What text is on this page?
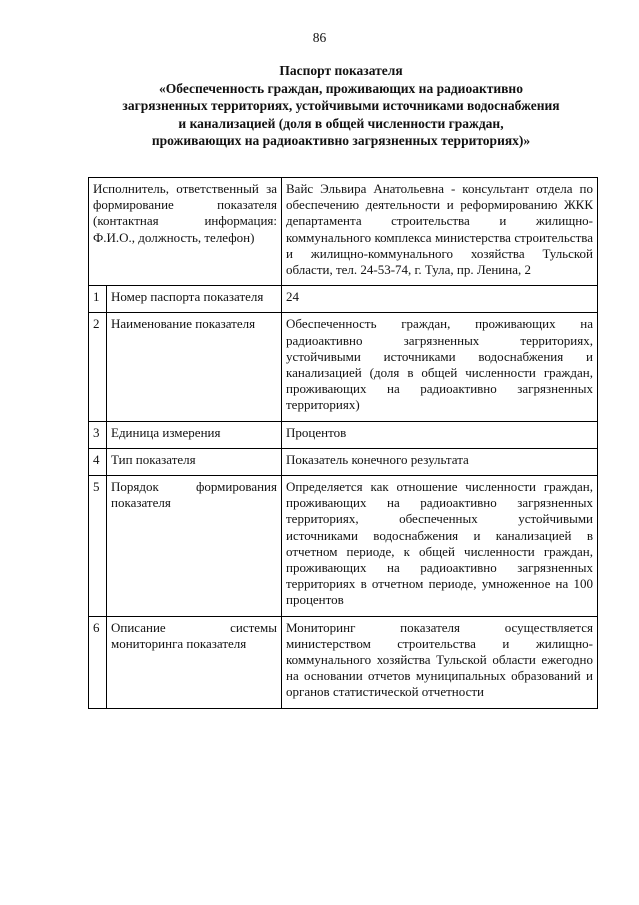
86
Паспорт показателя
«Обеспеченность граждан, проживающих на радиоактивно
загрязненных территориях, устойчивыми источниками водоснабжения
и канализацией (доля в общей численности граждан,
проживающих на радиоактивно загрязненных территориях)»
Исполнитель, ответственный за формирование показателя (контактная информация: Ф.И.О., должность, телефон)		Вайс Эльвира Анатольевна - консультант отдела по обеспечению деятельности и реформированию ЖКК департамента строительства и жилищно-коммунального комплекса министерства строительства и жилищно-коммунального хозяйства Тульской области, тел. 24-53-74, г. Тула, пр. Ленина, 2
1	Номер паспорта показателя	24
2	Наименование показателя	Обеспеченность граждан, проживающих на радиоактивно загрязненных территориях, устойчивыми источниками водоснабжения и канализацией (доля в общей численности граждан, проживающих на радиоактивно загрязненных территориях)
3	Единица измерения	Процентов
4	Тип показателя	Показатель конечного результата
5	Порядок формирования показателя	Определяется как отношение численности граждан, проживающих на радиоактивно загрязненных территориях, обеспеченных устойчивыми источниками водоснабжения и канализацией в отчетном периоде, к общей численности граждан, проживающих на радиоактивно загрязненных территориях в отчетном периоде, умноженное на 100 процентов
6	Описание системы мониторинга показателя	Мониторинг показателя осуществляется министерством строительства и жилищно-коммунального хозяйства Тульской области ежегодно на основании отчетов муниципальных образований и органов статистической отчетности
